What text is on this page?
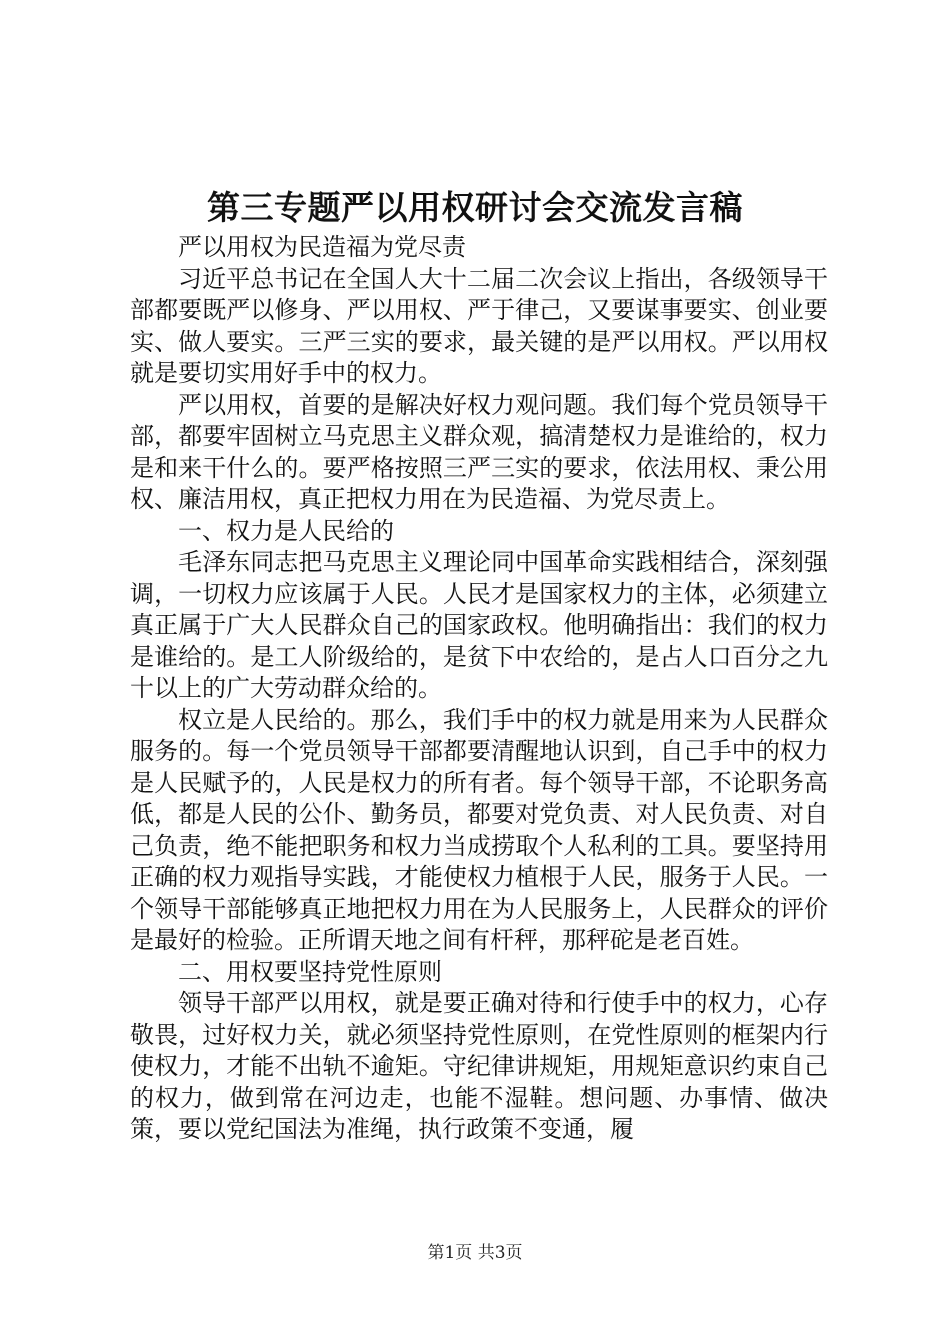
第三专题严以用权研讨会交流发言稿

严以用权为民造福为党尽责

习近平总书记在全国人大十二届二次会议上指出，各级领导干部都要既严以修身、严以用权、严于律己，又要谋事要实、创业要实、做人要实。三严三实的要求，最关键的是严以用权。严以用权就是要切实用好手中的权力。

严以用权，首要的是解决好权力观问题。我们每个党员领导干部，都要牢固树立马克思主义群众观，搞清楚权力是谁给的，权力是和来干什么的。要严格按照三严三实的要求，依法用权、秉公用权、廉洁用权，真正把权力用在为民造福、为党尽责上。

一、权力是人民给的

毛泽东同志把马克思主义理论同中国革命实践相结合，深刻强调，一切权力应该属于人民。人民才是国家权力的主体，必须建立真正属于广大人民群众自己的国家政权。他明确指出：我们的权力是谁给的。是工人阶级给的，是贫下中农给的，是占人口百分之九十以上的广大劳动群众给的。

权立是人民给的。那么，我们手中的权力就是用来为人民群众服务的。每一个党员领导干部都要清醒地认识到，自己手中的权力是人民赋予的，人民是权力的所有者。每个领导干部，不论职务高低，都是人民的公仆、勤务员，都要对党负责、对人民负责、对自己负责，绝不能把职务和权力当成捞取个人私利的工具。要坚持用正确的权力观指导实践，才能使权力植根于人民，服务于人民。一个领导干部能够真正地把权力用在为人民服务上，人民群众的评价是最好的检验。正所谓天地之间有杆秤，那秤砣是老百姓。

二、用权要坚持党性原则

领导干部严以用权，就是要正确对待和行使手中的权力，心存敬畏，过好权力关，就必须坚持党性原则，在党性原则的框架内行使权力，才能不出轨不逾矩。守纪律讲规矩，用规矩意识约束自己的权力，做到常在河边走，也能不湿鞋。想问题、办事情、做决策，要以党纪国法为准绳，执行政策不变通，履

第1页 共3页
